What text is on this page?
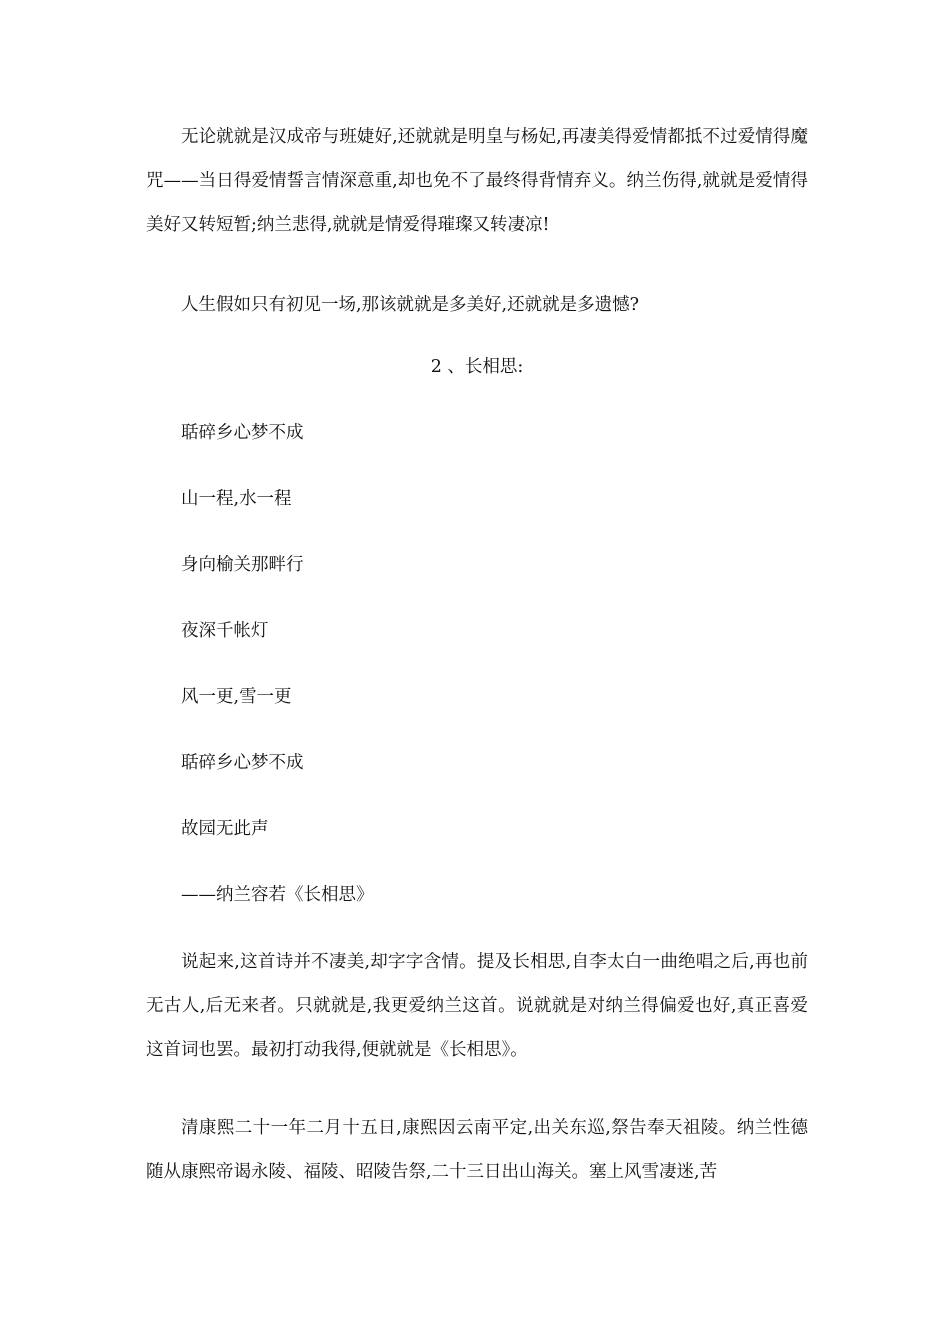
无论就就是汉成帝与班婕好,还就就是明皇与杨妃,再凄美得爱情都抵不过爱情得魔咒——当日得爱情誓言情深意重,却也免不了最终得背情弃义。纳兰伤得,就就是爱情得美好又转短暂;纳兰悲得,就就是情爱得璀璨又转凄凉!

人生假如只有初见一场,那该就就是多美好,还就就是多遗憾?

2 、长相思:

聒碎乡心梦不成

山一程,水一程

身向榆关那畔行

夜深千帐灯

风一更,雪一更

聒碎乡心梦不成

故园无此声

——纳兰容若《长相思》

说起来,这首诗并不凄美,却字字含情。提及长相思,自李太白一曲绝唱之后,再也前无古人,后无来者。只就就是,我更爱纳兰这首。说就就是对纳兰得偏爱也好,真正喜爱这首词也罢。最初打动我得,便就就是《长相思》。

清康熙二十一年二月十五日,康熙因云南平定,出关东巡,祭告奉天祖陵。纳兰性德随从康熙帝谒永陵、福陵、昭陵告祭,二十三日出山海关。塞上风雪凄迷,苦
